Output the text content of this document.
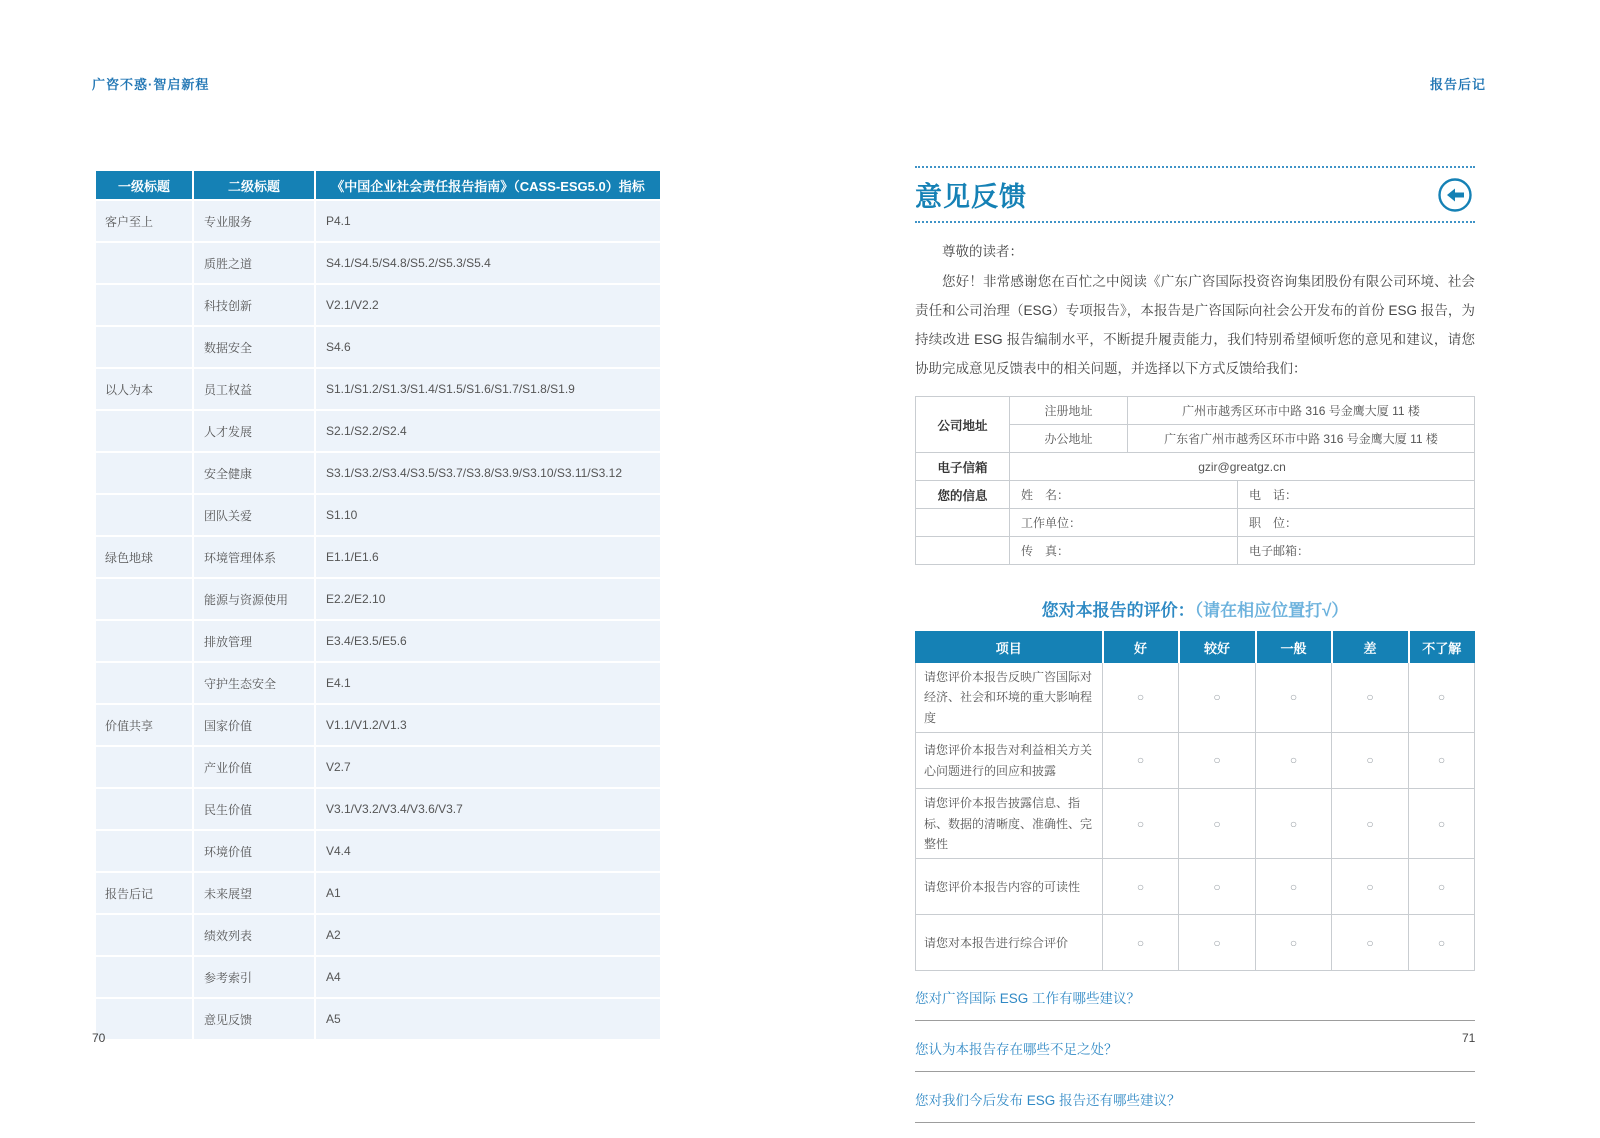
广咨不惑·智启新程
一级标题	二级标题	《中国企业社会责任报告指南》（CASS-ESG5.0）指标
客户至上	专业服务	P4.1
	质胜之道	S4.1/S4.5/S4.8/S5.2/S5.3/S5.4
	科技创新	V2.1/V2.2
	数据安全	S4.6
以人为本	员工权益	S1.1/S1.2/S1.3/S1.4/S1.5/S1.6/S1.7/S1.8/S1.9
	人才发展	S2.1/S2.2/S2.4
	安全健康	S3.1/S3.2/S3.4/S3.5/S3.7/S3.8/S3.9/S3.10/S3.11/S3.12
	团队关爱	S1.10
绿色地球	环境管理体系	E1.1/E1.6
	能源与资源使用	E2.2/E2.10
	排放管理	E3.4/E3.5/E5.6
	守护生态安全	E4.1
价值共享	国家价值	V1.1/V1.2/V1.3
	产业价值	V2.7
	民生价值	V3.1/V3.2/V3.4/V3.6/V3.7
	环境价值	V4.4
报告后记	未来展望	A1
	绩效列表	A2
	参考索引	A4
	意见反馈	A5
70
报告后记
意见反馈

尊敬的读者：

您好！非常感谢您在百忙之中阅读《广东广咨国际投资咨询集团股份有限公司环境、社会责任和公司治理（ESG）专项报告》，本报告是广咨国际向社会公开发布的首份 ESG 报告，为持续改进 ESG 报告编制水平，不断提升履责能力，我们特别希望倾听您的意见和建议，请您协助完成意见反馈表中的相关问题，并选择以下方式反馈给我们：

公司地址	注册地址	广州市越秀区环市中路 316 号金鹰大厦 11 楼	
	办公地址	广东省广州市越秀区环市中路 316 号金鹰大厦 11 楼	
电子信箱	gzir@greatgz.cn		
您的信息	姓　名：		电　话：
	工作单位：		职　位：
	传　真：		电子邮箱：
您对本报告的评价：（请在相应位置打√）
项目	好	较好	一般	差	不了解
请您评价本报告反映广咨国际对经济、社会和环境的重大影响程度	○	○	○	○	○
请您评价本报告对利益相关方关心问题进行的回应和披露	○	○	○	○	○
请您评价本报告披露信息、指标、数据的清晰度、准确性、完整性	○	○	○	○	○
请您评价本报告内容的可读性	○	○	○	○	○
请您对本报告进行综合评价	○	○	○	○	○
您对广咨国际 ESG 工作有哪些建议？
您认为本报告存在哪些不足之处？
您对我们今后发布 ESG 报告还有哪些建议？
71
